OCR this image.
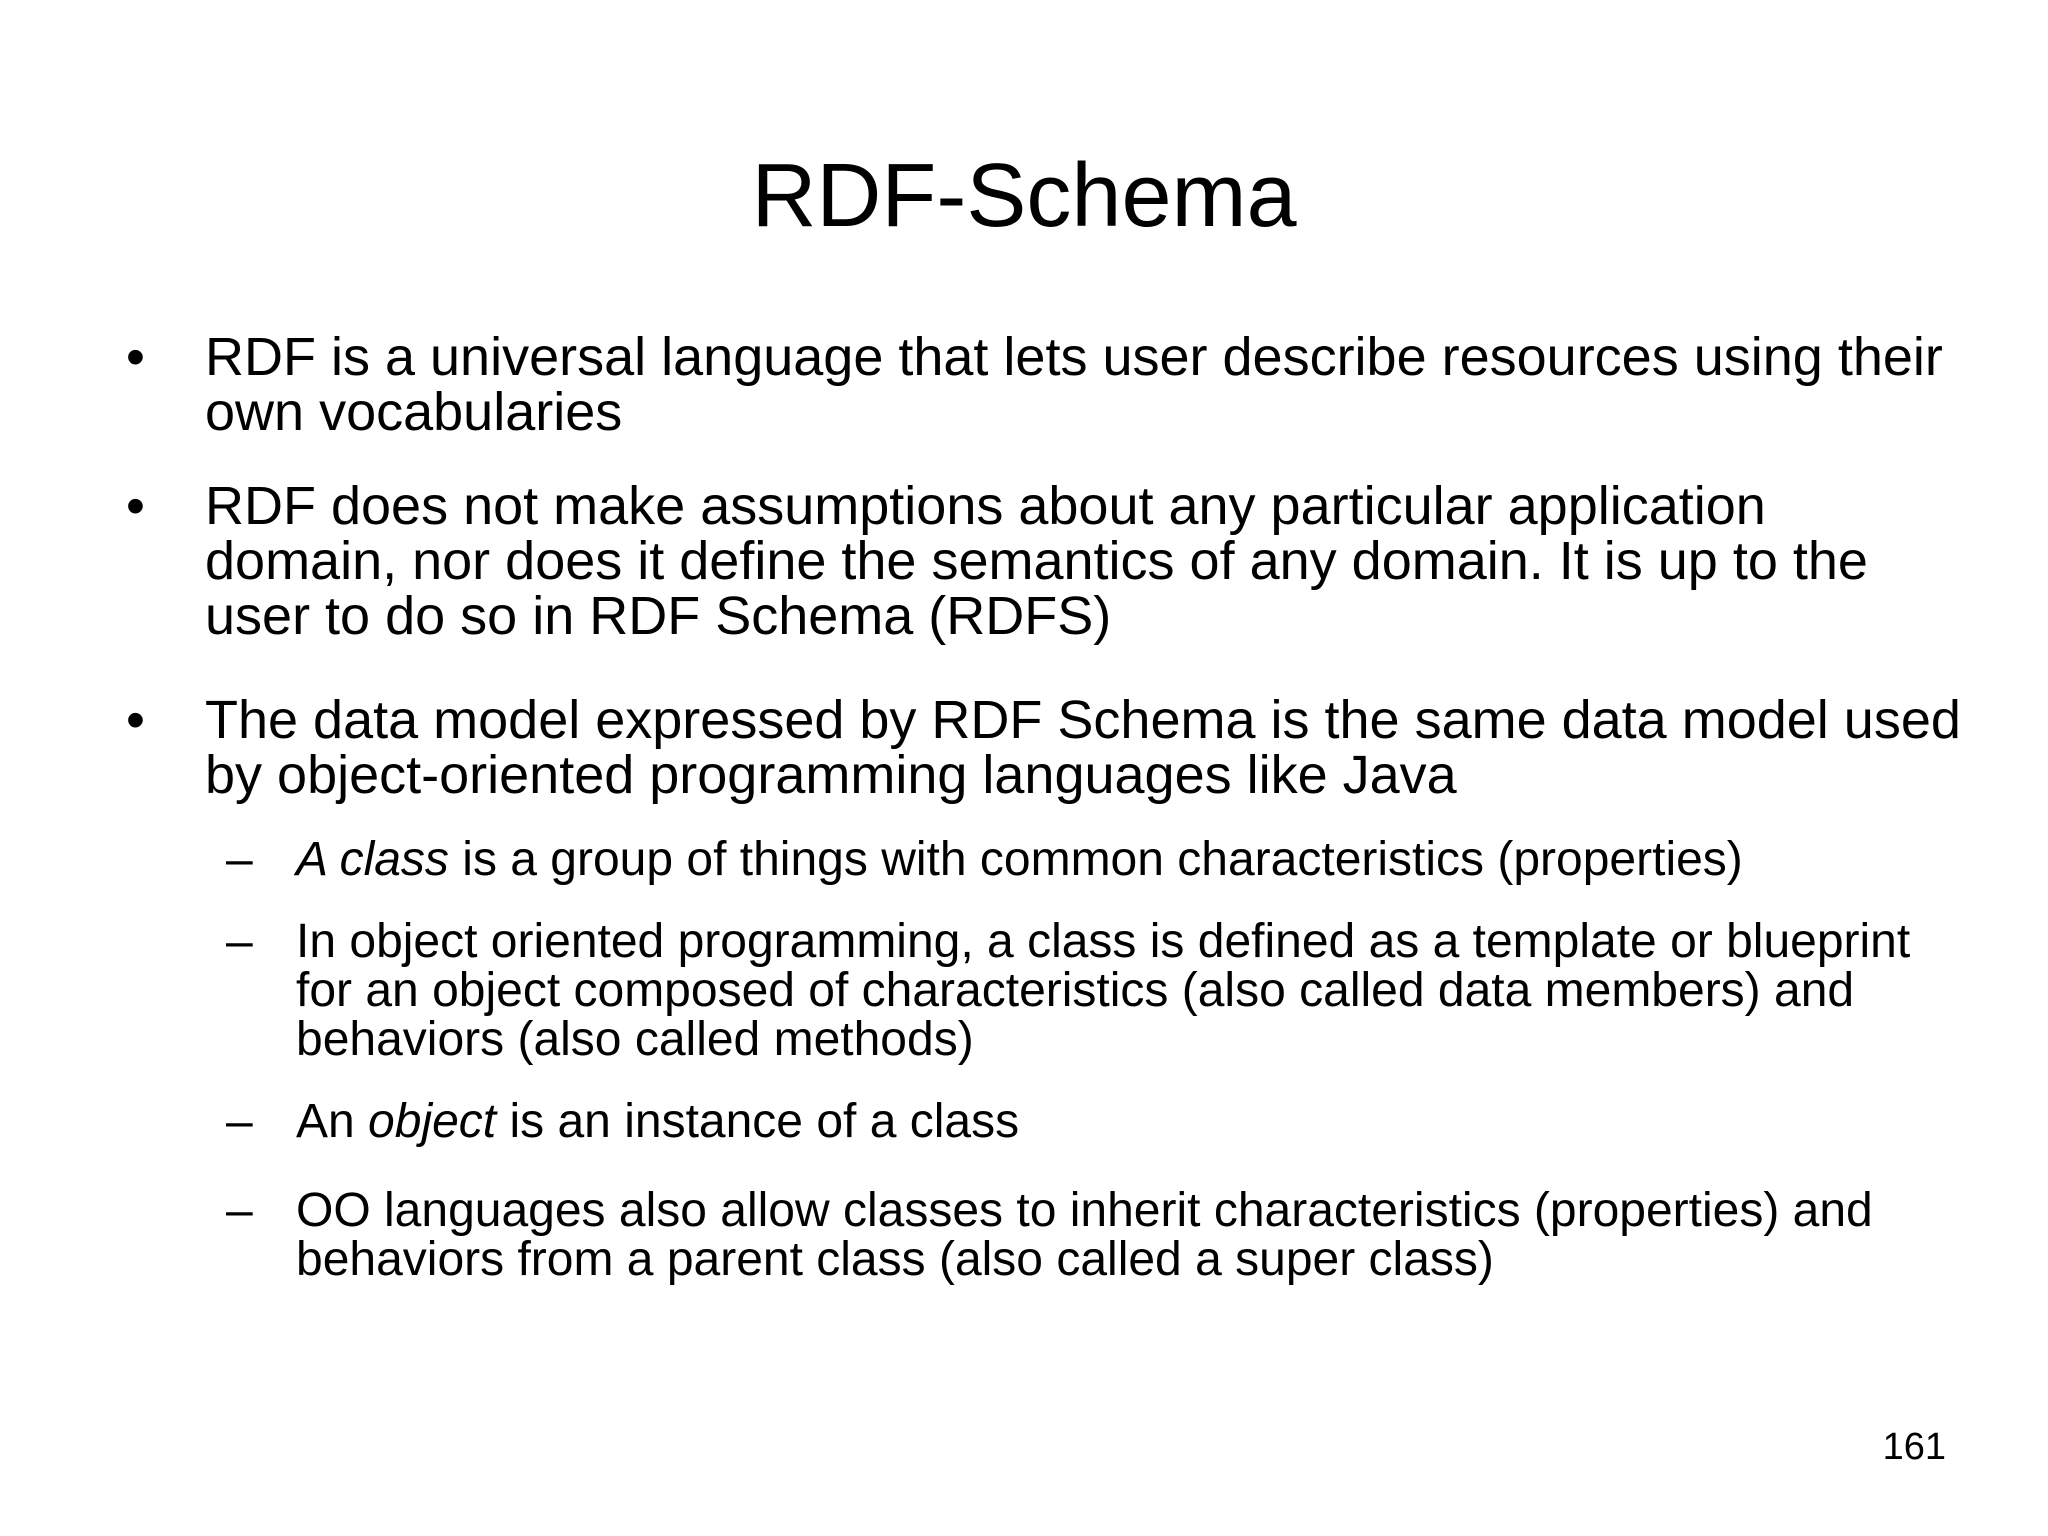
RDF-Schema
• RDF is a universal language that lets user describe resources using their own vocabularies
• RDF does not make assumptions about any particular application domain, nor does it define the semantics of any domain. It is up to the user to do so in RDF Schema (RDFS)
• The data model expressed by RDF Schema is the same data model used by object-oriented programming languages like Java
– A class is a group of things with common characteristics (properties)
– In object oriented programming, a class is defined as a template or blueprint for an object composed of characteristics (also called data members) and behaviors (also called methods)
– An object is an instance of a class
– OO languages also allow classes to inherit characteristics (properties) and behaviors from a parent class (also called a super class)
161
